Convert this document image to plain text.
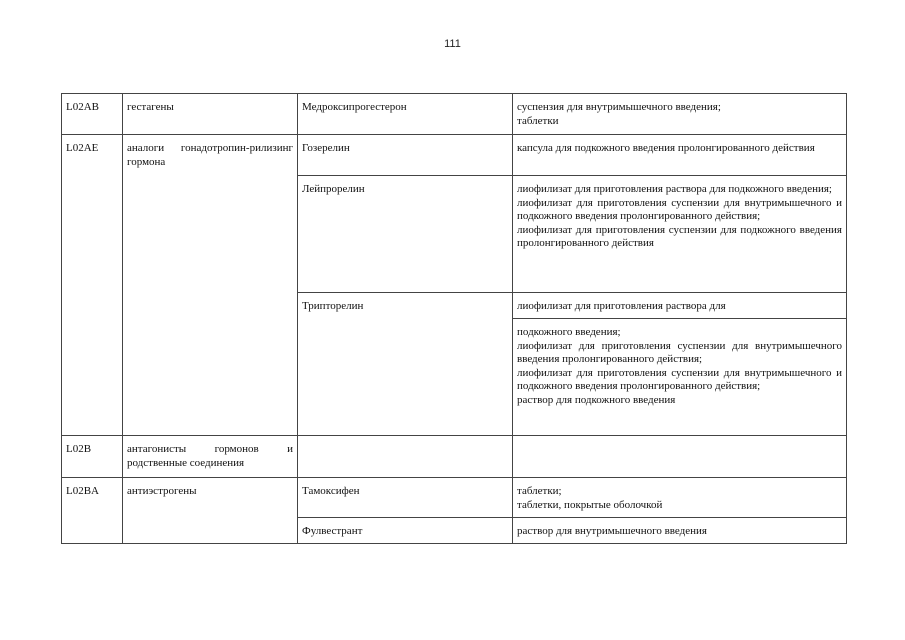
111
L02AB	гестагены	Медроксипрогестерон	суспензия для внутримышечного введения;
таблетки

L02AE	аналоги гонадотропин-рилизинг гормона	Гозерелин	капсула для подкожного введения пролонгированного действия

		Лейпрорелин	лиофилизат для приготовления раствора для подкожного введения;
лиофилизат для приготовления суспензии для внутримышечного и подкожного введения пролонгированного действия;
лиофилизат для приготовления суспензии для подкожного введения пролонгированного действия

		Трипторелин	лиофилизат для приготовления раствора для

			подкожного введения;
лиофилизат для приготовления суспензии для внутримышечного введения пролонгированного действия;
лиофилизат для приготовления суспензии для внутримышечного и подкожного введения пролонгированного действия;
раствор для подкожного введения

L02B	антагонисты гормонов и родственные соединения		

L02BA	антиэстрогены	Тамоксифен	таблетки;
таблетки, покрытые оболочкой

		Фулвестрант	раствор для внутримышечного введения
